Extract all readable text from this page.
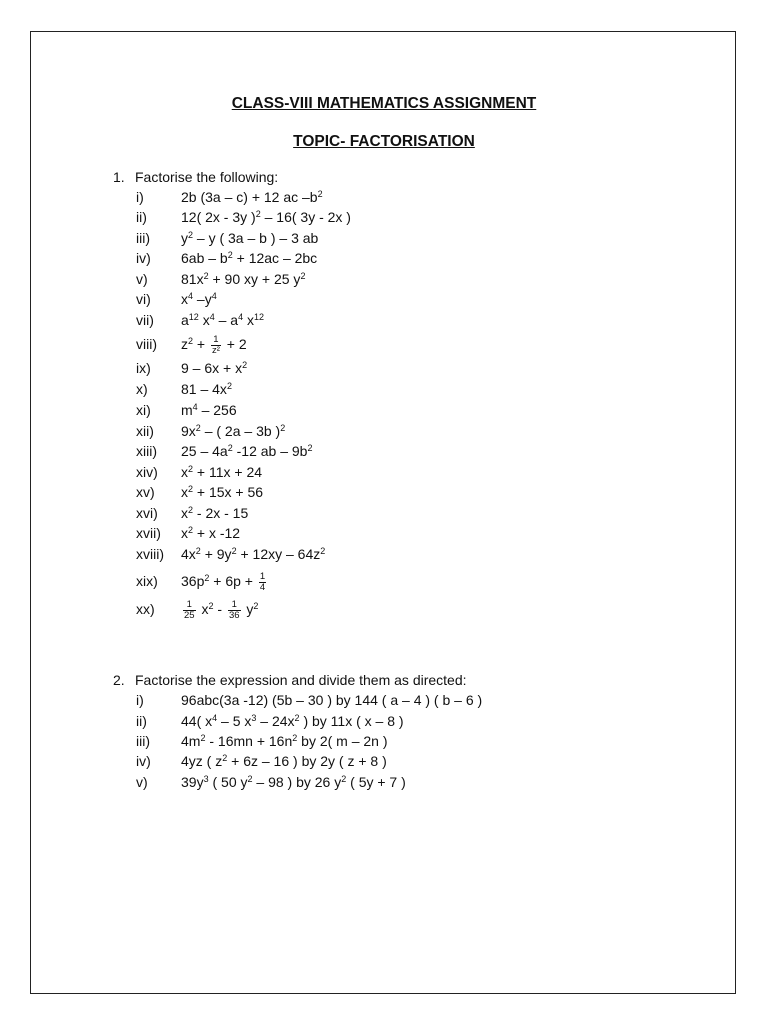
CLASS-VIII MATHEMATICS ASSIGNMENT
TOPIC- FACTORISATION
1. Factorise the following:
i)	2b (3a – c) + 12 ac $-b^2$
ii) 12( 2x - 3y )$^2$ – 16( 3y - 2x )
iii) $y^2$ – y ( 3a – b ) – 3 ab
iv) $6ab - b^2 + 12ac - 2bc$
v) $81x^2 + 90$ xy + 25 $y^2$
vi) $x^4$ $-y^4$
vii) $a^{12}$ $x^4 - a^4$ $x^{12}$
viii) $z^2 + \frac{1}{\text{z²}} + 2$
ix) $9 - 6x + x^2$
x) $81 - 4x^2$
xi) $m^4 - 256$
xii) $9x^2$ – ( 2a – 3b )$^2$
xiii) $25 - 4a^2$ -12 ab – $9b^2$
xiv) $x^2 + 11x + 24$
xv) $x^2 + 15x + 56$
xvi) $x^2 - 2x - 15$
xvii) $x^2 + x$ -12
xviii) $4x^2 + 9y^2 + 12xy - 64z^2$
xix) $36p^2 + 6p + \frac{1}{4}$
xx)	$\frac{1}{25} x^2 - \frac{1}{36} y^2$
2. Factorise the expression and divide them as directed:
i)	96abc(3a -12) (5b – 30 ) by 144 ( a – 4 ) ( b – 6 )
ii) 44( $x^4 - 5$ $x^3 - 24x^2$ ) by 11x ( x – 8 )
iii) $4m^2 - 16mn + 16n^2$ by 2( m – 2n )
iv) 4yz ( $z^2 + 6z - 16$ ) by 2y ( z + 8 )
v) $39y^3$ ( 50 $y^2 - 98$ ) by 26 $y^2$ ( 5y + 7 )
